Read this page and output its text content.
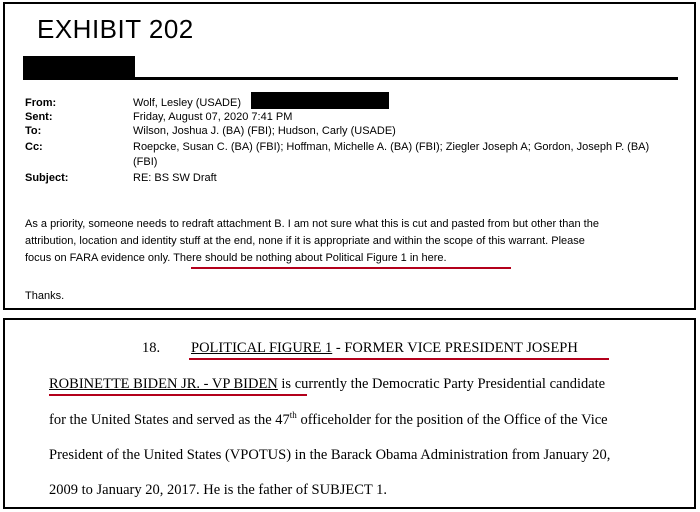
EXHIBIT 202
From:	Wolf, Lesley (USADE)
Sent:	Friday, August 07, 2020 7:41 PM
To:	Wilson, Joshua J. (BA) (FBI); Hudson, Carly (USADE)
Cc:	Roepcke, Susan C. (BA) (FBI); Hoffman, Michelle A. (BA) (FBI); Ziegler Joseph A; Gordon, Joseph P. (BA)
(FBI)
Subject:	RE: BS SW Draft
As a priority, someone needs to redraft attachment B. I am not sure what this is cut and pasted from but other than the
attribution, location and identity stuff at the end, none if it is appropriate and within the scope of this warrant. Please
focus on FARA evidence only. There should be nothing about Political Figure 1 in here.
Thanks.
18. POLITICAL FIGURE 1 - FORMER VICE PRESIDENT JOSEPH
ROBINETTE BIDEN JR. - VP BIDEN is currently the Democratic Party Presidential candidate
for the United States and served as the 47th officeholder for the position of the Office of the Vice
President of the United States (VPOTUS) in the Barack Obama Administration from January 20,
2009 to January 20, 2017. He is the father of SUBJECT 1.
